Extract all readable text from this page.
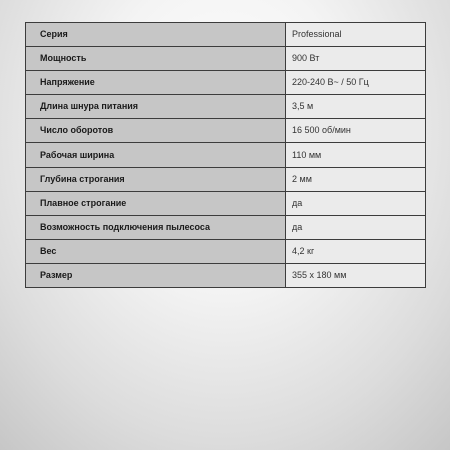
Серия	Professional
Мощность	900 Вт
Напряжение	220-240 В~ / 50 Гц
Длина шнура питания	3,5 м
Число оборотов	16 500 об/мин
Рабочая ширина	110 мм
Глубина строгания	2 мм
Плавное строгание	да
Возможность подключения пылесоса	да
Вес	4,2 кг
Размер	355 x 180 мм
